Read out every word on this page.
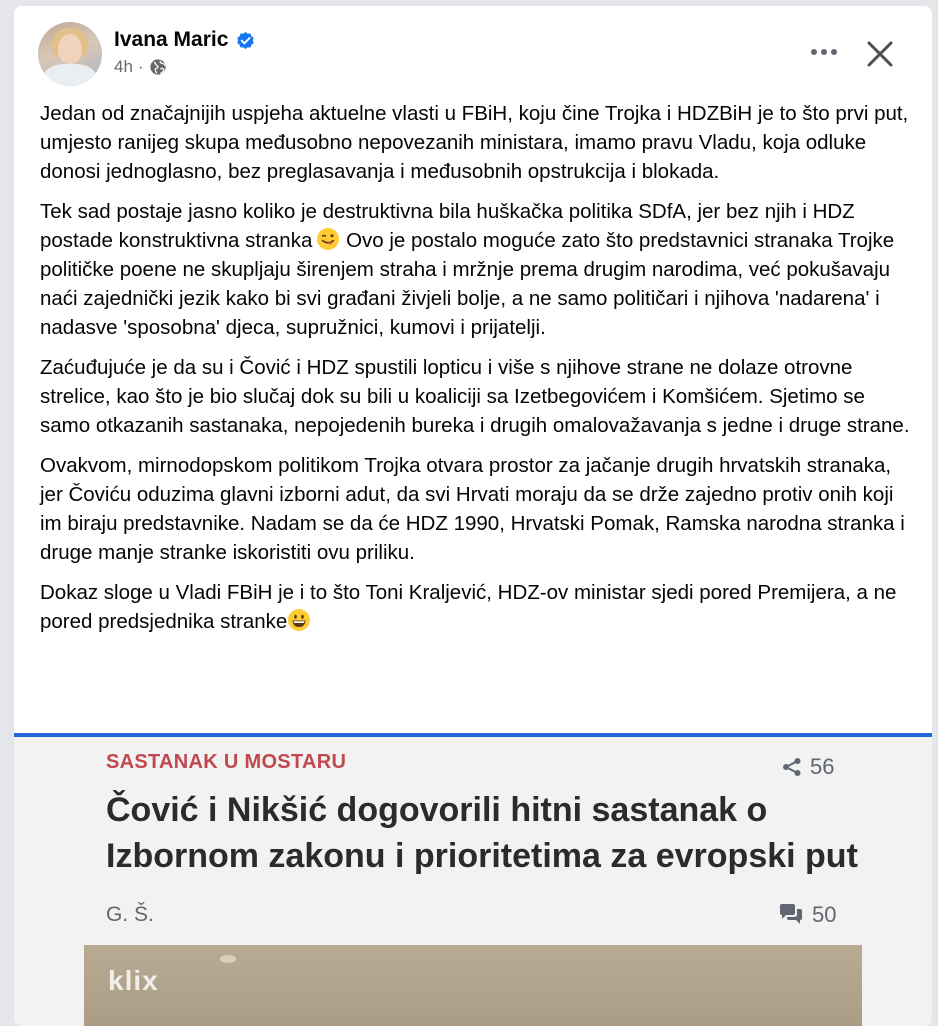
Ivana Maric
4h ·

Jedan od značajnijih uspjeha aktuelne vlasti u FBiH, koju čine Trojka i HDZBiH je to što prvi put, umjesto ranijeg skupa međusobno nepovezanih ministara, imamo pravu Vladu, koja odluke donosi jednoglasno, bez preglasavanja i međusobnih opstrukcija i blokada.

Tek sad postaje jasno koliko je destruktivna bila huškačka politika SDfA, jer bez njih i HDZ postade konstruktivna stranka Ovo je postalo moguće zato što predstavnici stranaka Trojke političke poene ne skupljaju širenjem straha i mržnje prema drugim narodima, već pokušavaju naći zajednički jezik kako bi svi građani živjeli bolje, a ne samo političari i njihova 'nadarena' i nadasve 'sposobna' djeca, supružnici, kumovi i prijatelji.

Zaćuđujuće je da su i Čović i HDZ spustili lopticu i više s njihove strane ne dolaze otrovne strelice, kao što je bio slučaj dok su bili u koaliciji sa Izetbegovićem i Komšićem. Sjetimo se samo otkazanih sastanaka, nepojedenih bureka i drugih omalovažavanja s jedne i druge strane.

Ovakvom, mirnodopskom politikom Trojka otvara prostor za jačanje drugih hrvatskih stranaka, jer Čoviću oduzima glavni izborni adut, da svi Hrvati moraju da se drže zajedno protiv onih koji im biraju predstavnike. Nadam se da će HDZ 1990, Hrvatski Pomak, Ramska narodna stranka i druge manje stranke iskoristiti ovu priliku.

Dokaz sloge u Vladi FBiH je i to što Toni Kraljević, HDZ-ov ministar sjedi pored Premijera, a ne pored predsjednika stranke

SASTANAK U MOSTARU	56
Čović i Nikšić dogovorili hitni sastanak o Izbornom zakonu i prioritetima za evropski put
G. Š.	50
klix
